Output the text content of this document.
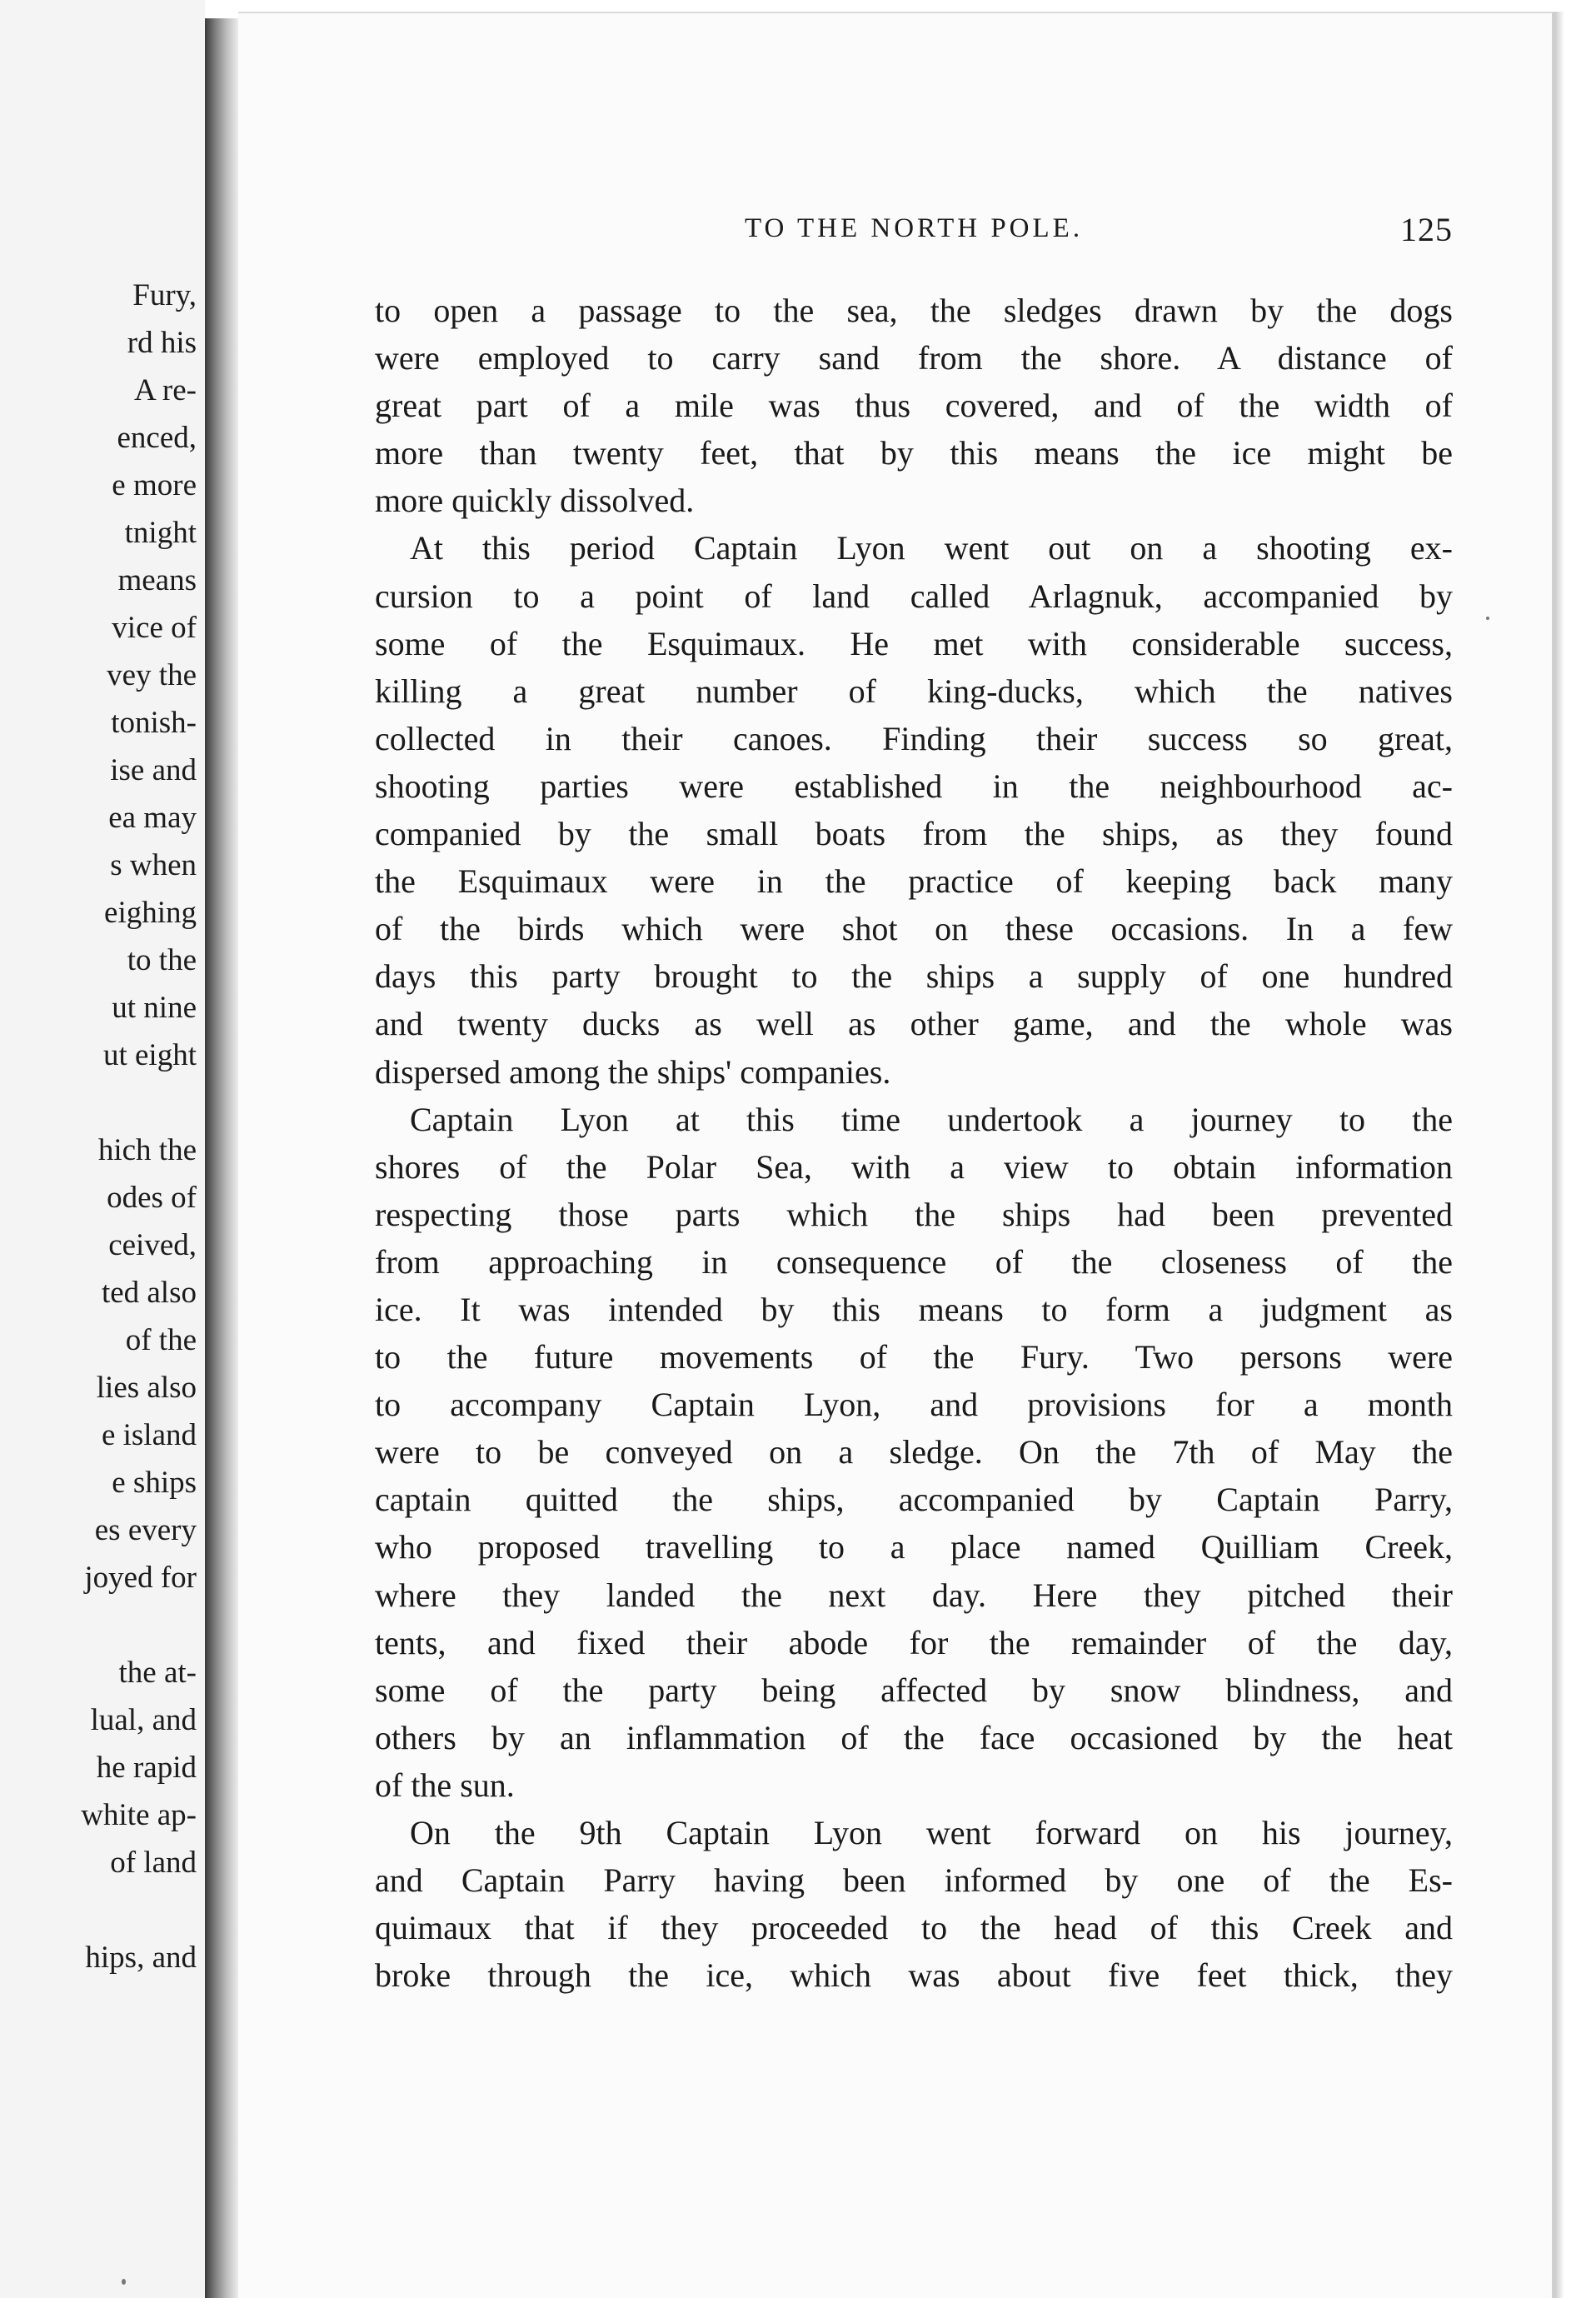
Fury,
rd his
A re-
enced,
e more
tnight
means
vice of
vey the
tonish-
ise and
ea may
s when
eighing
to the
ut nine
ut eight
hich the
odes of
ceived,
ted also
of the
lies also
e island
e ships
es every
joyed for
the at-
lual, and
he rapid
white ap-
of land
hips, and
TO THE NORTH POLE.	125
to open a passage to the sea, the sledges drawn by the dogs
were employed to carry sand from the shore. A distance of
great part of a mile was thus covered, and of the width of
more than twenty feet, that by this means the ice might be
more quickly dissolved.
At this period Captain Lyon went out on a shooting ex-
cursion to a point of land called Arlagnuk, accompanied by
some of the Esquimaux. He met with considerable success,
killing a great number of king-ducks, which the natives
collected in their canoes. Finding their success so great,
shooting parties were established in the neighbourhood ac-
companied by the small boats from the ships, as they found
the Esquimaux were in the practice of keeping back many
of the birds which were shot on these occasions. In a few
days this party brought to the ships a supply of one hundred
and twenty ducks as well as other game, and the whole was
dispersed among the ships' companies.
Captain Lyon at this time undertook a journey to the
shores of the Polar Sea, with a view to obtain information
respecting those parts which the ships had been prevented
from approaching in consequence of the closeness of the
ice. It was intended by this means to form a judgment as
to the future movements of the Fury. Two persons were
to accompany Captain Lyon, and provisions for a month
were to be conveyed on a sledge. On the 7th of May the
captain quitted the ships, accompanied by Captain Parry,
who proposed travelling to a place named Quilliam Creek,
where they landed the next day. Here they pitched their
tents, and fixed their abode for the remainder of the day,
some of the party being affected by snow blindness, and
others by an inflammation of the face occasioned by the heat
of the sun.
On the 9th Captain Lyon went forward on his journey,
and Captain Parry having been informed by one of the Es-
quimaux that if they proceeded to the head of this Creek and
broke through the ice, which was about five feet thick, they
